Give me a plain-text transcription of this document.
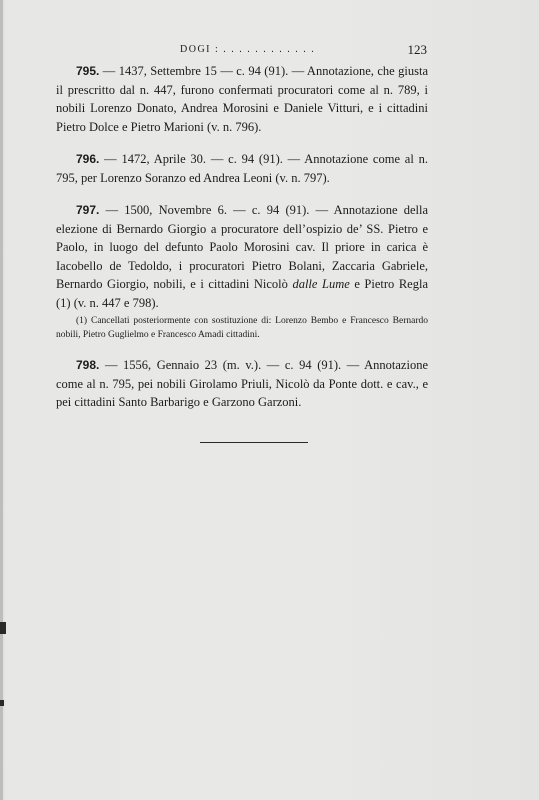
DOGI : . . . . . . . . . . . .	123

795. — 1437, Settembre 15 — c. 94 (91). — Annotazione, che giusta il prescritto dal n. 447, furono confermati procuratori come al n. 789, i nobili Lorenzo Donato, Andrea Morosini e Daniele Vitturi, e i cittadini Pietro Dolce e Pietro Marioni (v. n. 796).

796. — 1472, Aprile 30. — c. 94 (91). — Annotazione come al n. 795, per Lorenzo Soranzo ed Andrea Leoni (v. n. 797).

797. — 1500, Novembre 6. — c. 94 (91). — Annotazione della elezione di Bernardo Giorgio a procuratore dell’ospizio de’ SS. Pietro e Paolo, in luogo del defunto Paolo Morosini cav. Il priore in carica è Iacobello de Tedoldo, i procuratori Pietro Bolani, Zaccaria Gabriele, Bernardo Giorgio, nobili, e i cittadini Nicolò dalle Lume e Pietro Regla (1) (v. n. 447 e 798).

(1) Cancellati posteriormente con sostituzione di: Lorenzo Bembo e Francesco Bernardo nobili, Pietro Guglielmo e Francesco Amadi cittadini.

798. — 1556, Gennaio 23 (m. v.). — c. 94 (91). — Annotazione come al n. 795, pei nobili Girolamo Priuli, Nicolò da Ponte dott. e cav., e pei cittadini Santo Barbarigo e Garzono Garzoni.
